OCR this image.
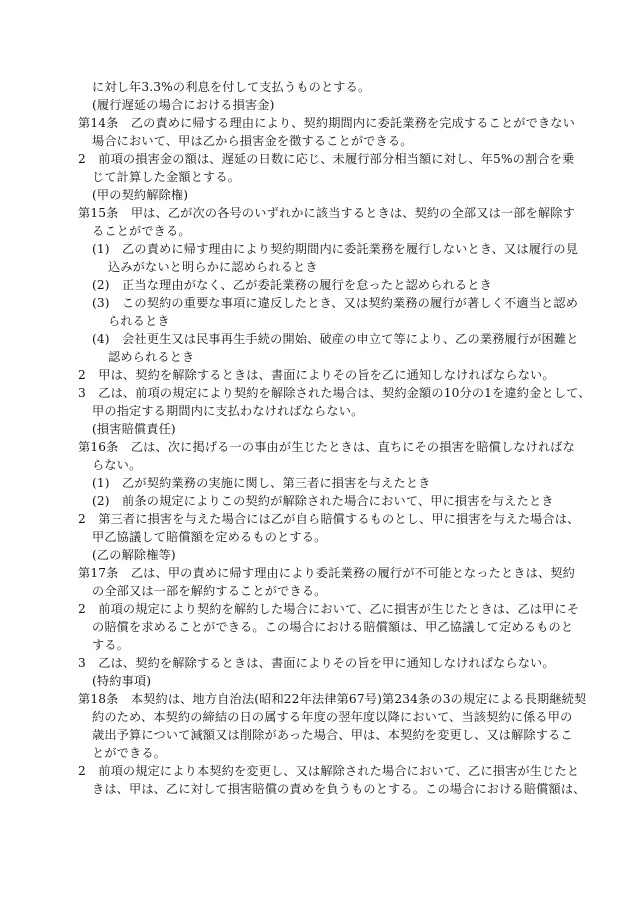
に対し年3.3%の利息を付して支払うものとする。
(履行遅延の場合における損害金)
第14条　乙の責めに帰する理由により、契約期間内に委託業務を完成することができない
場合において、甲は乙から損害金を徴することができる。
2　前項の損害金の額は、遅延の日数に応じ、未履行部分相当額に対し、年5%の割合を乗
じて計算した金額とする。
(甲の契約解除権)
第15条　甲は、乙が次の各号のいずれかに該当するときは、契約の全部又は一部を解除す
ることができる。
(1)　乙の責めに帰す理由により契約期間内に委託業務を履行しないとき、又は履行の見
込みがないと明らかに認められるとき
(2)　正当な理由がなく、乙が委託業務の履行を怠ったと認められるとき
(3)　この契約の重要な事項に違反したとき、又は契約業務の履行が著しく不適当と認め
られるとき
(4)　会社更生又は民事再生手続の開始、破産の申立て等により、乙の業務履行が困難と
認められるとき
2　甲は、契約を解除するときは、書面によりその旨を乙に通知しなければならない。
3　乙は、前項の規定により契約を解除された場合は、契約金額の10分の1を違約金として、
甲の指定する期間内に支払わなければならない。
(損害賠償責任)
第16条　乙は、次に掲げる一の事由が生じたときは、直ちにその損害を賠償しなければな
らない。
(1)　乙が契約業務の実施に関し、第三者に損害を与えたとき
(2)　前条の規定によりこの契約が解除された場合において、甲に損害を与えたとき
2　第三者に損害を与えた場合には乙が自ら賠償するものとし、甲に損害を与えた場合は、
甲乙協議して賠償額を定めるものとする。
(乙の解除権等)
第17条　乙は、甲の責めに帰す理由により委託業務の履行が不可能となったときは、契約
の全部又は一部を解約することができる。
2　前項の規定により契約を解約した場合において、乙に損害が生じたときは、乙は甲にそ
の賠償を求めることができる。この場合における賠償額は、甲乙協議して定めるものと
する。
3　乙は、契約を解除するときは、書面によりその旨を甲に通知しなければならない。
(特約事項)
第18条　本契約は、地方自治法(昭和22年法律第67号)第234条の3の規定による長期継続契
約のため、本契約の締結の日の属する年度の翌年度以降において、当該契約に係る甲の
歳出予算について減額又は削除があった場合、甲は、本契約を変更し、又は解除するこ
とができる。
2　前項の規定により本契約を変更し、又は解除された場合において、乙に損害が生じたと
きは、甲は、乙に対して損害賠償の責めを負うものとする。この場合における賠償額は、
